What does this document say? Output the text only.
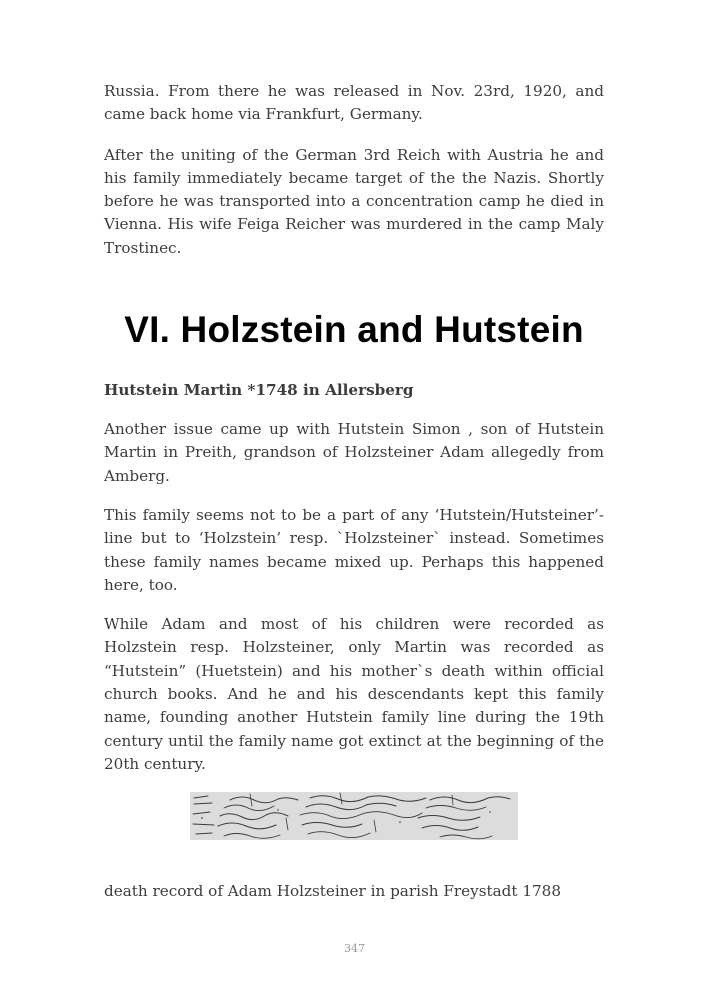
Russia. From there he was released in Nov. 23rd, 1920, and came back home via Frankfurt, Germany.

After the uniting of the German 3rd Reich with Austria he and his family immediately became target of the the Nazis. Shortly before he was transported into a concentration camp he died in Vienna. His wife Feiga Reicher was murdered in the camp Maly Trostinec.

VI. Holzstein and Hutstein
Hutstein Martin *1748 in Allersberg

Another issue came up with Hutstein Simon , son of Hutstein Martin in Preith, grandson of Holzsteiner Adam allegedly from Amberg.

This family seems not to be a part of any ‘Hutstein/Hutsteiner’-line but to ‘Holzstein’ resp. `Holzsteiner` instead. Sometimes these family names became mixed up. Perhaps this happened here, too.

While Adam and most of his children were recorded as Holzstein resp. Holzsteiner, only Martin was recorded as “Hutstein” (Huetstein) and his mother`s death within official church books. And he and his descendants kept this family name, founding another Hutstein family line during the 19th century until the family name got extinct at the beginning of the 20th century.

death record of Adam Holzsteiner in parish Freystadt 1788

347
